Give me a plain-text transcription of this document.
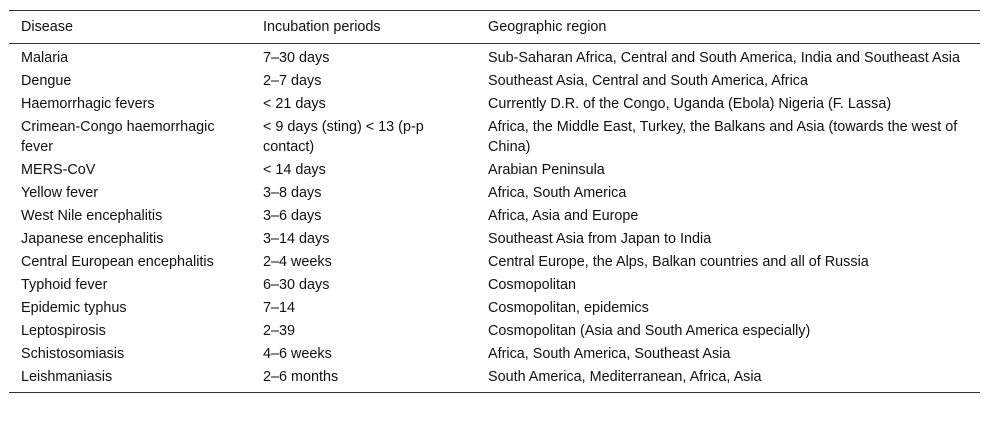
Disease	Incubation periods	Geographic region
Malaria	7–30 days	Sub-Saharan Africa, Central and South America, India and Southeast Asia
Dengue	2–7 days	Southeast Asia, Central and South America, Africa
Haemorrhagic fevers	< 21 days	Currently D.R. of the Congo, Uganda (Ebola) Nigeria (F. Lassa)
Crimean-Congo haemorrhagic fever	< 9 days (sting) < 13 (p-p contact)	Africa, the Middle East, Turkey, the Balkans and Asia (towards the west of China)
MERS-CoV	< 14 days	Arabian Peninsula
Yellow fever	3–8 days	Africa, South America
West Nile encephalitis	3–6 days	Africa, Asia and Europe
Japanese encephalitis	3–14 days	Southeast Asia from Japan to India
Central European encephalitis	2–4 weeks	Central Europe, the Alps, Balkan countries and all of Russia
Typhoid fever	6–30 days	Cosmopolitan
Epidemic typhus	7–14	Cosmopolitan, epidemics
Leptospirosis	2–39	Cosmopolitan (Asia and South America especially)
Schistosomiasis	4–6 weeks	Africa, South America, Southeast Asia
Leishmaniasis	2–6 months	South America, Mediterranean, Africa, Asia
